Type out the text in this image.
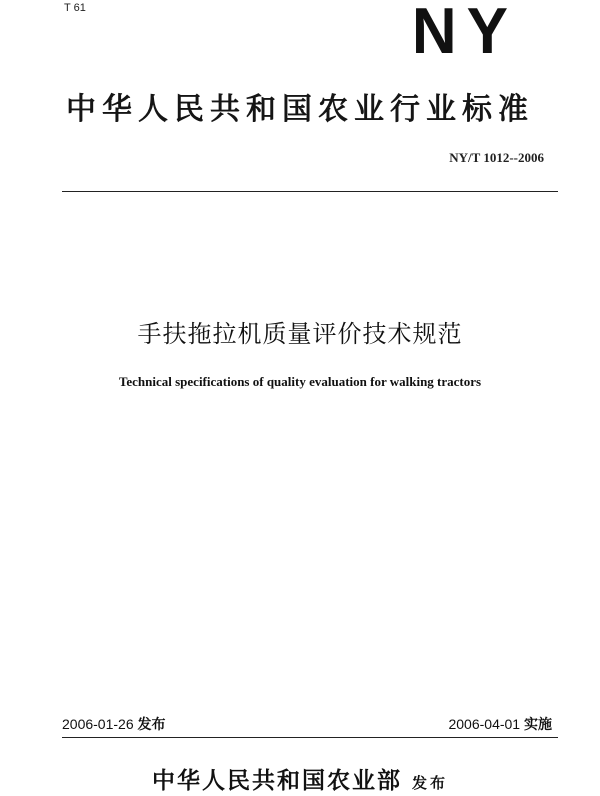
T 61	NY
中华人民共和国农业行业标准
NY/T 1012--2006
手扶拖拉机质量评价技术规范
Technical specifications of quality evaluation for walking tractors
2006-01-26 发布	2006-04-01 实施
中华人民共和国农业部 发布
